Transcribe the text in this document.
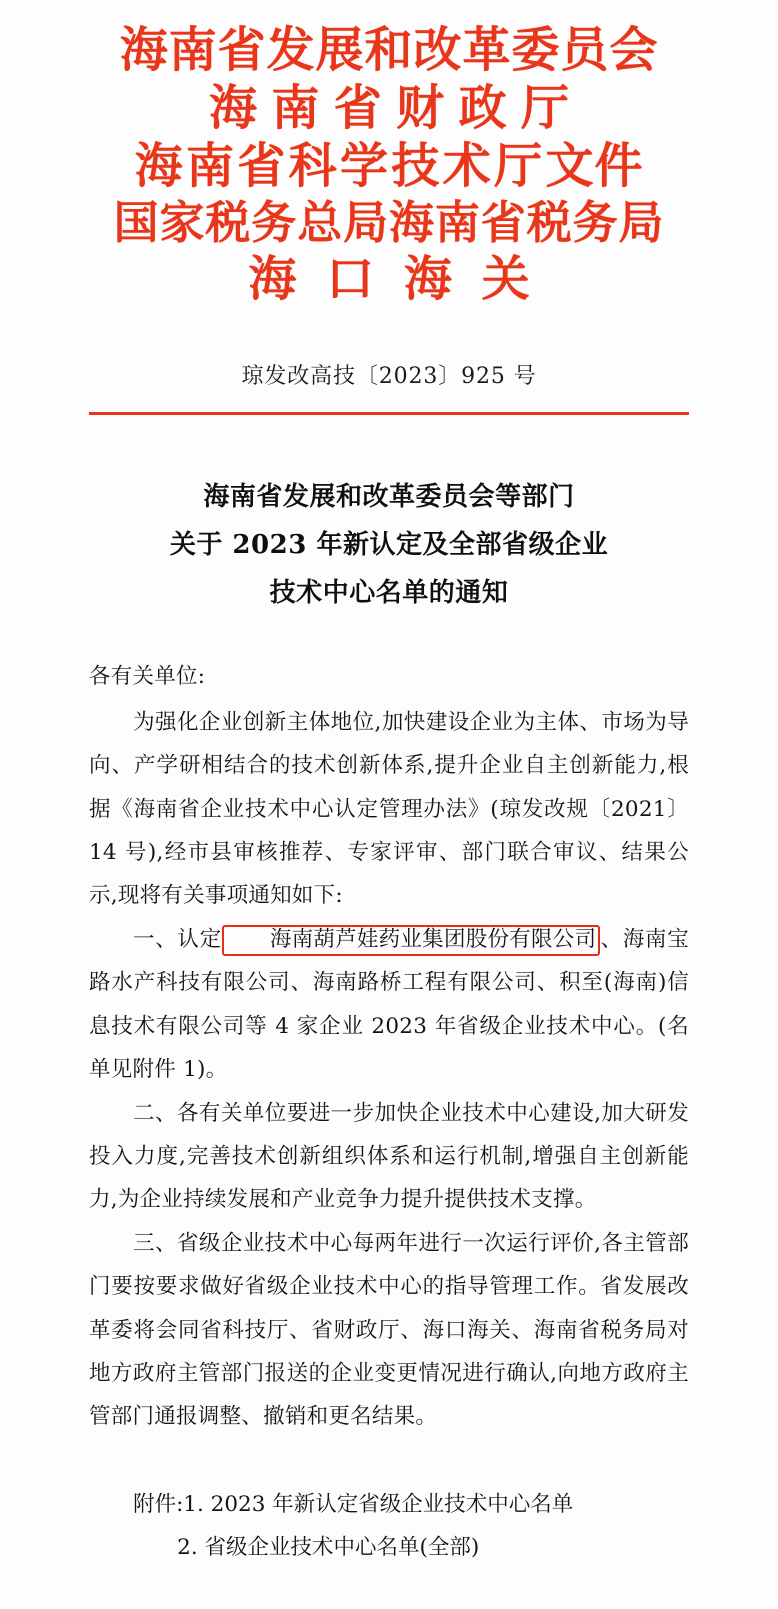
海南省发展和改革委员会
海南省财政厅
海南省科学技术厅文件
国家税务总局海南省税务局
海口海关
琼发改高技〔2023〕925 号
海南省发展和改革委员会等部门
关于 2023 年新认定及全部省级企业
技术中心名单的通知

各有关单位:

为强化企业创新主体地位,加快建设企业为主体、市场为导向、产学研相结合的技术创新体系,提升企业自主创新能力,根据《海南省企业技术中心认定管理办法》(琼发改规〔2021〕14 号),经市县审核推荐、专家评审、部门联合审议、结果公示,现将有关事项通知如下:

一、认定 海南葫芦娃药业集团股份有限公司 、海南宝路水产科技有限公司、海南路桥工程有限公司、积至(海南)信息技术有限公司等 4 家企业 2023 年省级企业技术中心。(名单见附件 1)。

二、各有关单位要进一步加快企业技术中心建设,加大研发投入力度,完善技术创新组织体系和运行机制,增强自主创新能力,为企业持续发展和产业竞争力提升提供技术支撑。

三、省级企业技术中心每两年进行一次运行评价,各主管部门要按要求做好省级企业技术中心的指导管理工作。省发展改革委将会同省科技厅、省财政厅、海口海关、海南省税务局对地方政府主管部门报送的企业变更情况进行确认,向地方政府主管部门通报调整、撤销和更名结果。

附件:1. 2023 年新认定省级企业技术中心名单
2. 省级企业技术中心名单(全部)
